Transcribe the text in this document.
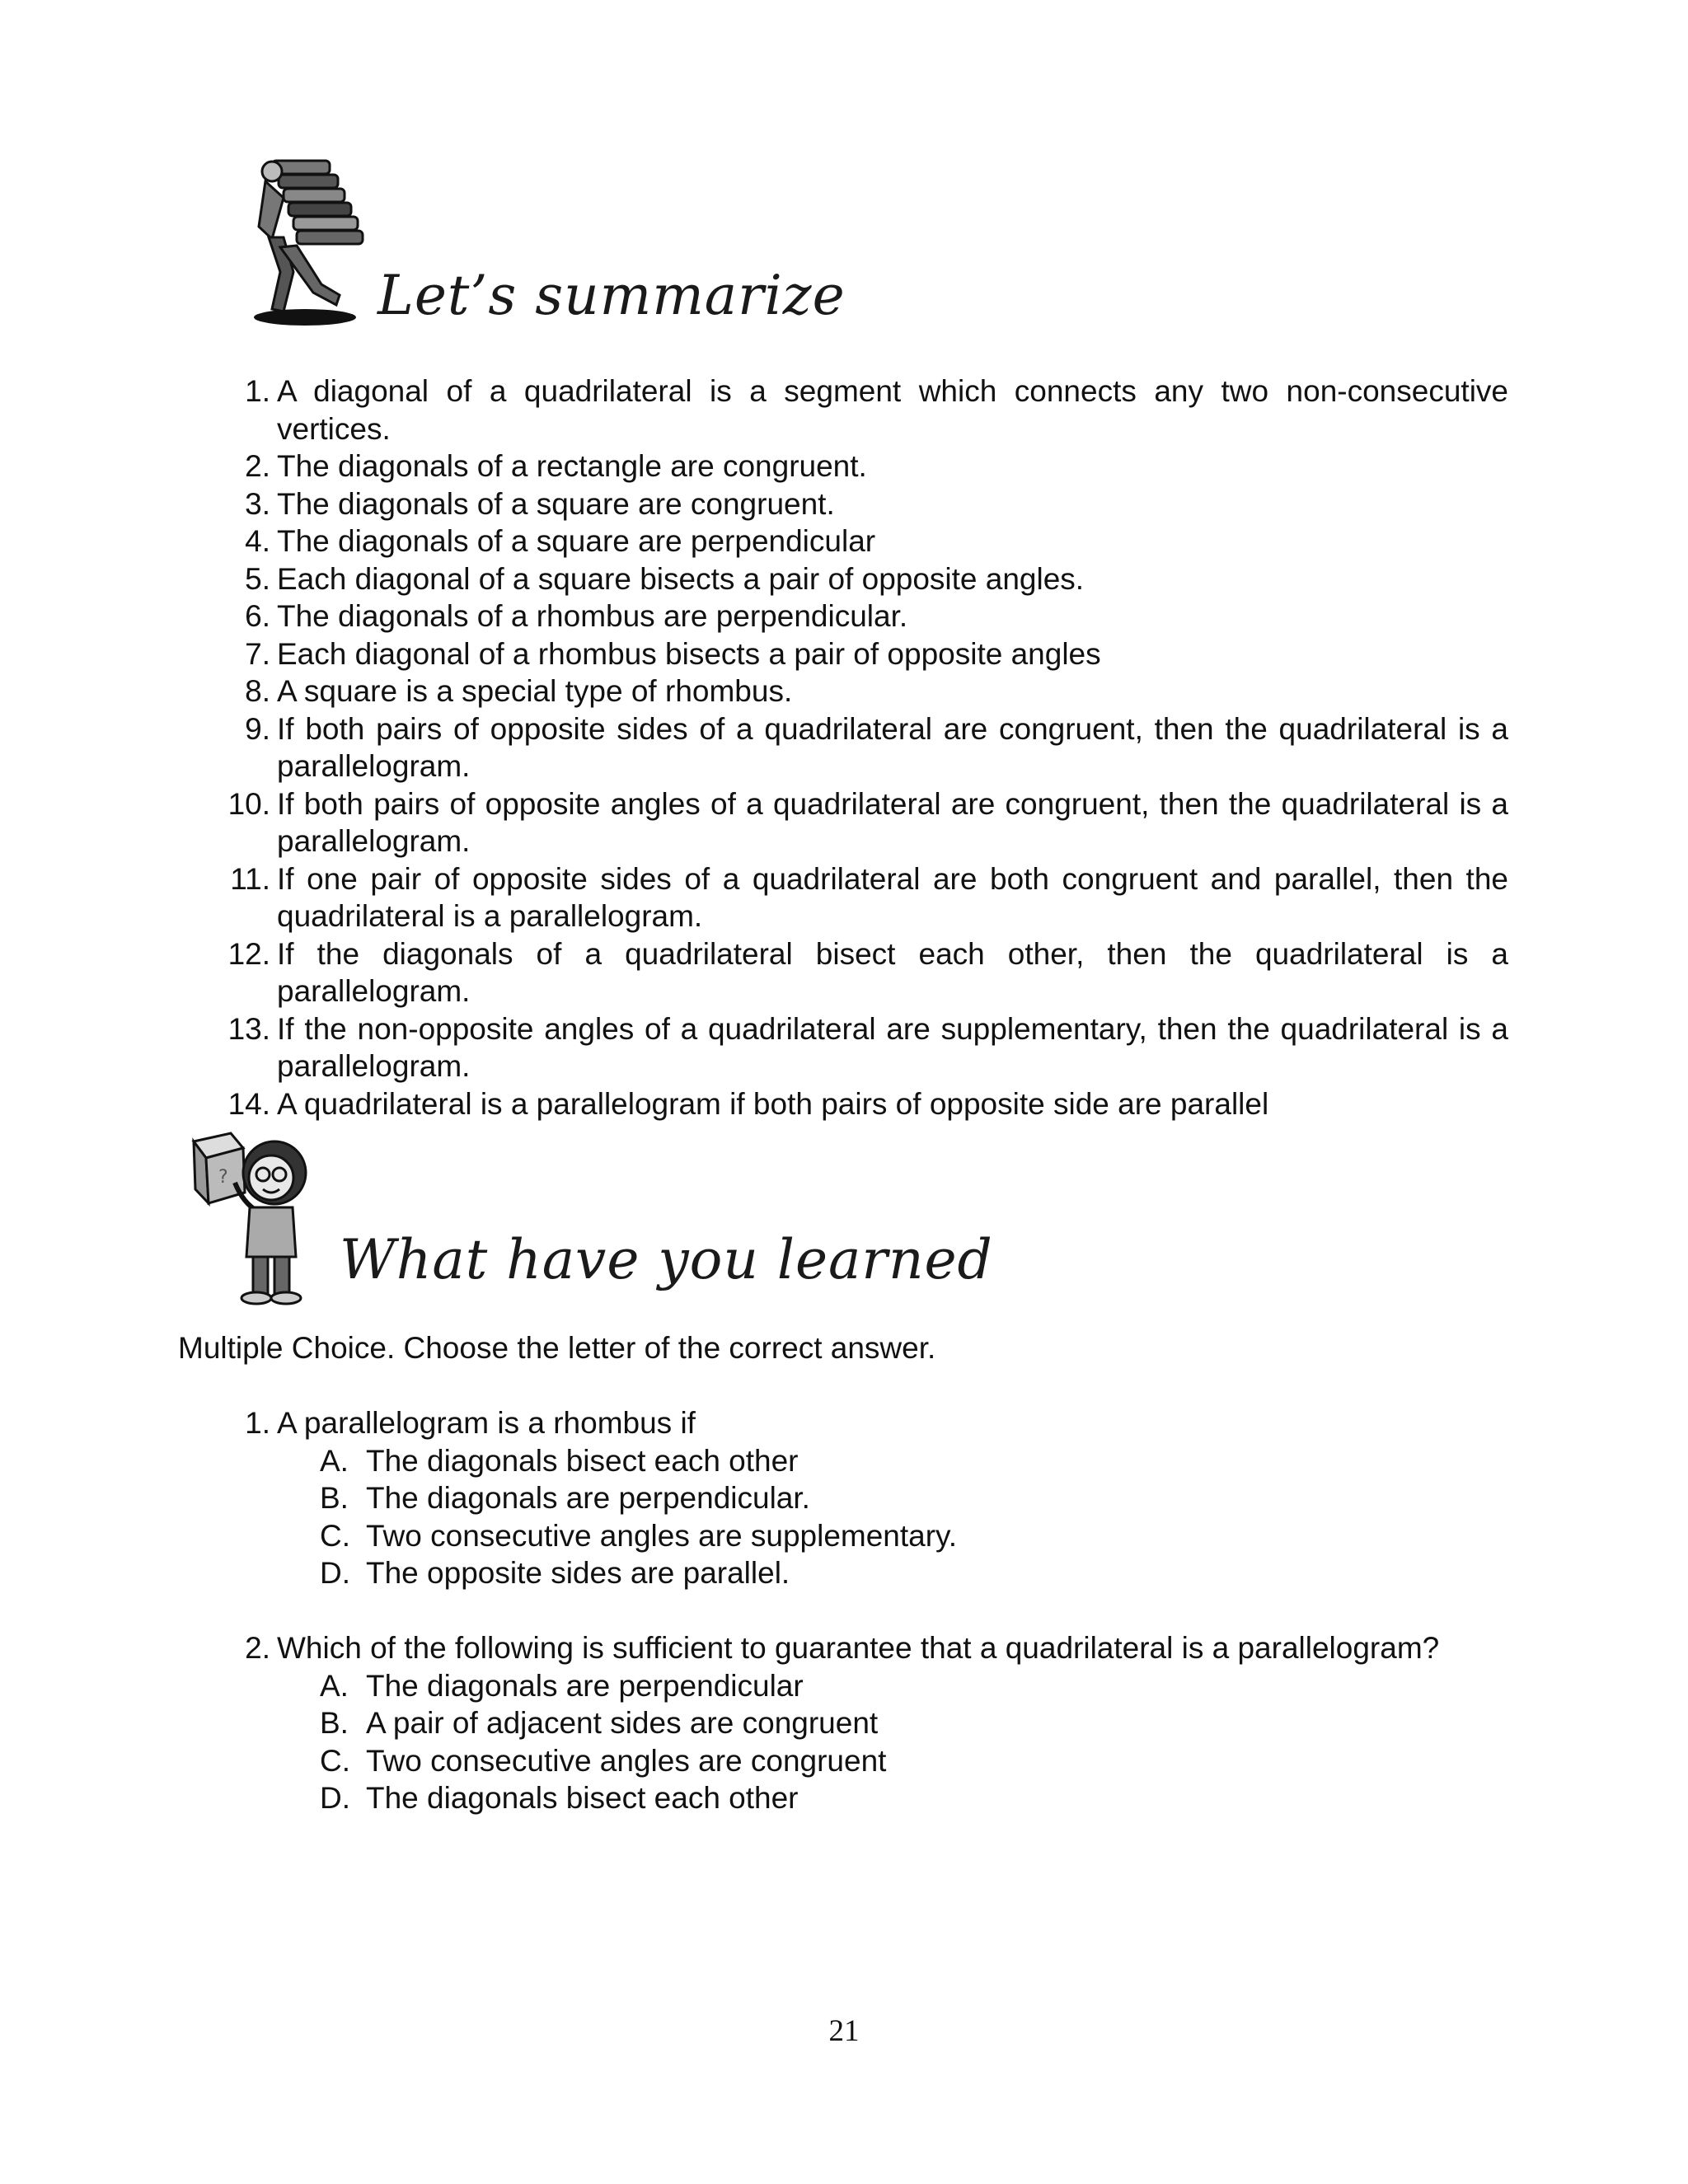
Let’s summarize
1. A diagonal of a quadrilateral is a segment which connects any two non-consecutive vertices.
2. The diagonals of a rectangle are congruent.
3. The diagonals of a square are congruent.
4. The diagonals of a square are perpendicular
5. Each diagonal of a square bisects a pair of opposite angles.
6. The diagonals of a rhombus are perpendicular.
7. Each diagonal of a rhombus bisects a pair of opposite angles
8. A square is a special type of rhombus.
9. If both pairs of opposite sides of a quadrilateral are congruent, then the quadrilateral is a parallelogram.
10. If both pairs of opposite angles of a quadrilateral are congruent, then the quadrilateral is a parallelogram.
11. If one pair of opposite sides of a quadrilateral are both congruent and parallel, then the quadrilateral is a parallelogram.
12. If the diagonals of a quadrilateral bisect each other, then the quadrilateral is a parallelogram.
13. If the non-opposite angles of a quadrilateral are supplementary, then the quadrilateral is a parallelogram.
14. A quadrilateral is a parallelogram if both pairs of opposite side are parallel
?
What have you learned
Multiple Choice. Choose the letter of the correct answer.
1. A parallelogram is a rhombus if
A. The diagonals bisect each other
B. The diagonals are perpendicular.
C. Two consecutive angles are supplementary.
D. The opposite sides are parallel.
2. Which of the following is sufficient to guarantee that a quadrilateral is a parallelogram?
A. The diagonals are perpendicular
B. A pair of adjacent sides are congruent
C. Two consecutive angles are congruent
D. The diagonals bisect each other
21
